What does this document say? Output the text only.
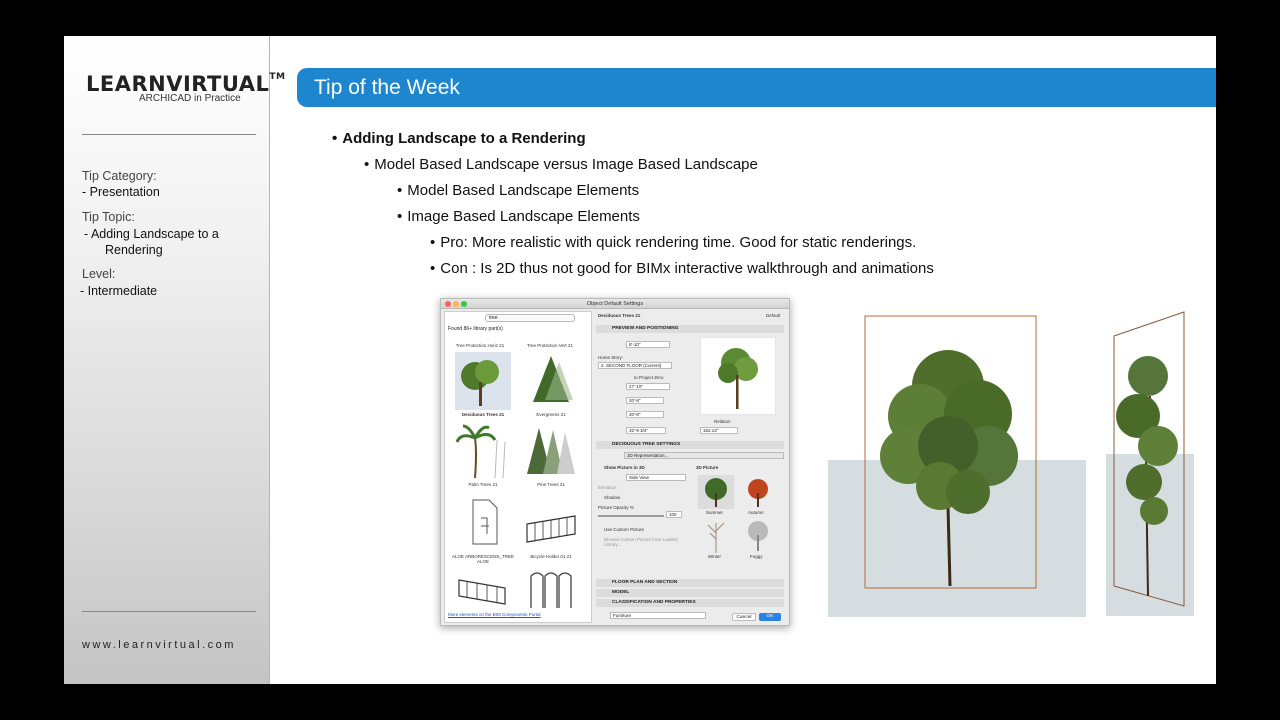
LEARNVIRTUAL™
ARCHICAD in Practice
Tip Category:
- Presentation
Tip Topic:
- Adding Landscape to a
Rendering
Level:
- Intermediate
www.learnvirtual.com
Tip of the Week
• Adding Landscape to a Rendering
• Model Based Landscape versus Image Based Landscape
• Model Based Landscape Elements
• Image Based Landscape Elements
• Pro: More realistic with quick rendering time. Good for static renderings.
• Con : Is 2D thus not good for BIMx interactive walkthrough and animations
Object Default Settings
tree
Found 86+ library part(s)
Tree Protection Horiz 21	Tree Protection Vert 21
Deciduous Trees 21	Evergreens 21
Palm Trees 21	Pine Trees 21
ALOE ARBORESCENS_TREE ALOE
Bicycle Holder 01 21
More elements on the BIM Components Portal
Deciduous Trees 21	Default
PREVIEW AND POSITIONING
8'-10"
Home Story:
2. SECOND FLOOR (Current)
to Project Zero
27'-10"
20'-8"
20'-8"
32'-9 3/4"
Relation
162.13°
DECIDUOUS TREE SETTINGS
3D Representation...
Show Picture in 3D	3D Picture
Side View
Elevation
Shadow
Picture Opacity %
100
Use Custom Picture
Browse Custom Picture from Loaded Library...
Summer	Autumn
Winter	Foggy
FLOOR PLAN AND SECTION
MODEL
CLASSIFICATION AND PROPERTIES
Furniture	Cancel	OK
